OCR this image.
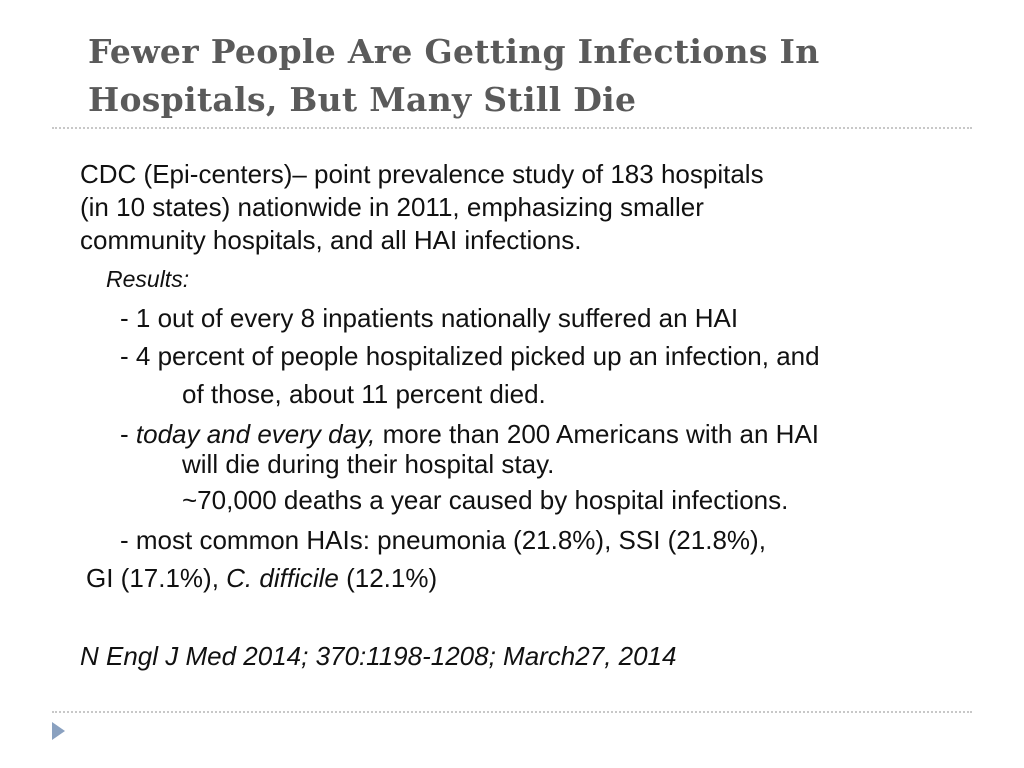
Fewer People Are Getting Infections In
Hospitals, But Many Still Die
CDC (Epi-centers)– point prevalence study of 183 hospitals
(in 10 states) nationwide in 2011, emphasizing smaller
community hospitals, and all HAI infections.
Results:
- 1 out of every 8 inpatients nationally suffered an HAI
- 4 percent of people hospitalized picked up an infection, and
of those, about 11 percent died.
- today and every day, more than 200 Americans with an HAI
will die during their hospital stay.
~70,000 deaths a year caused by hospital infections.
- most common HAIs: pneumonia (21.8%), SSI (21.8%),
GI (17.1%), C. difficile (12.1%)
N Engl J Med 2014; 370:1198-1208; March27, 2014
